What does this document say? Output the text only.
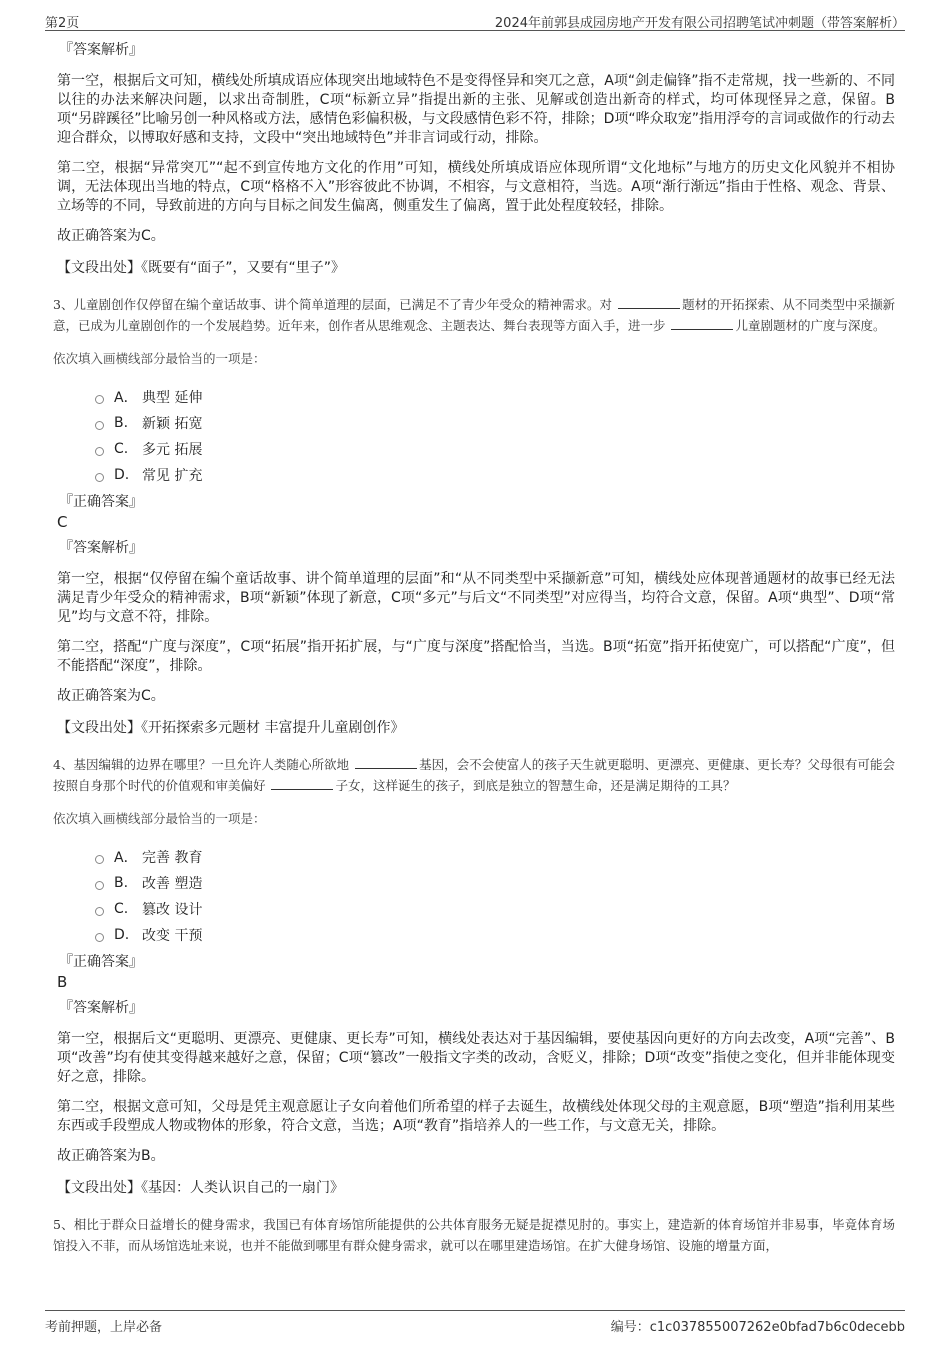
第2页	2024年前郭县成园房地产开发有限公司招聘笔试冲刺题（带答案解析）
『答案解析』

第一空，根据后文可知，横线处所填成语应体现突出地域特色不是变得怪异和突兀之意，A项“剑走偏锋”指不走常规，找一些新的、不同以往的办法来解决问题，以求出奇制胜，C项“标新立异”指提出新的主张、见解或创造出新奇的样式，均可体现怪异之意，保留。B项“另辟蹊径”比喻另创一种风格或方法，感情色彩偏积极，与文段感情色彩不符，排除；D项“哗众取宠”指用浮夸的言词或做作的行动去迎合群众，以博取好感和支持，文段中“突出地域特色”并非言词或行动，排除。

第二空，根据“异常突兀”“起不到宣传地方文化的作用”可知，横线处所填成语应体现所谓“文化地标”与地方的历史文化风貌并不相协调，无法体现出当地的特点，C项“格格不入”形容彼此不协调，不相容，与文意相符，当选。A项“渐行渐远”指由于性格、观念、背景、立场等的不同，导致前进的方向与目标之间发生偏离，侧重发生了偏离，置于此处程度较轻，排除。

故正确答案为C。

【文段出处】《既要有“面子”，又要有“里子”》

3、儿童剧创作仅停留在编个童话故事、讲个简单道理的层面，已满足不了青少年受众的精神需求。对	题材的开拓探索、从不同类型中采撷新意，已成为儿童剧创作的一个发展趋势。近年来，创作者从思维观念、主题表达、舞台表现等方面入手，进一步	儿童剧题材的广度与深度。

依次填入画横线部分最恰当的一项是：

A． 典型 延伸
B. 新颖 拓宽
C. 多元 拓展
D. 常见 扩充
『正确答案』
C
『答案解析』

第一空，根据“仅停留在编个童话故事、讲个简单道理的层面”和“从不同类型中采撷新意”可知，横线处应体现普通题材的故事已经无法满足青少年受众的精神需求，B项“新颖”体现了新意，C项“多元”与后文“不同类型”对应得当，均符合文意，保留。A项“典型”、D项“常见”均与文意不符，排除。

第二空，搭配“广度与深度”，C项“拓展”指开拓扩展，与“广度与深度”搭配恰当，当选。B项“拓宽”指开拓使宽广，可以搭配“广度”，但不能搭配“深度”，排除。

故正确答案为C。

【文段出处】《开拓探索多元题材 丰富提升儿童剧创作》

4、基因编辑的边界在哪里？一旦允许人类随心所欲地	基因，会不会使富人的孩子天生就更聪明、更漂亮、更健康、更长寿？父母很有可能会按照自身那个时代的价值观和审美偏好	子女，这样诞生的孩子，到底是独立的智慧生命，还是满足期待的工具？

依次填入画横线部分最恰当的一项是：

A． 完善 教育
B. 改善 塑造
C. 篡改 设计
D. 改变 干预
『正确答案』
B
『答案解析』

第一空，根据后文“更聪明、更漂亮、更健康、更长寿”可知，横线处表达对于基因编辑，要使基因向更好的方向去改变，A项“完善”、B项“改善”均有使其变得越来越好之意，保留；C项“篡改”一般指文字类的改动，含贬义，排除；D项“改变”指使之变化，但并非能体现变好之意，排除。

第二空，根据文意可知，父母是凭主观意愿让子女向着他们所希望的样子去诞生，故横线处体现父母的主观意愿，B项“塑造”指利用某些东西或手段塑成人物或物体的形象，符合文意，当选；A项“教育”指培养人的一些工作，与文意无关，排除。

故正确答案为B。

【文段出处】《基因：人类认识自己的一扇门》

5、相比于群众日益增长的健身需求，我国已有体育场馆所能提供的公共体育服务无疑是捉襟见肘的。事实上，建造新的体育场馆并非易事，毕竟体育场馆投入不菲，而从场馆选址来说，也并不能做到哪里有群众健身需求，就可以在哪里建造场馆。在扩大健身场馆、设施的增量方面，

考前押题，上岸必备	编号：c1c037855007262e0bfad7b6c0decebb
